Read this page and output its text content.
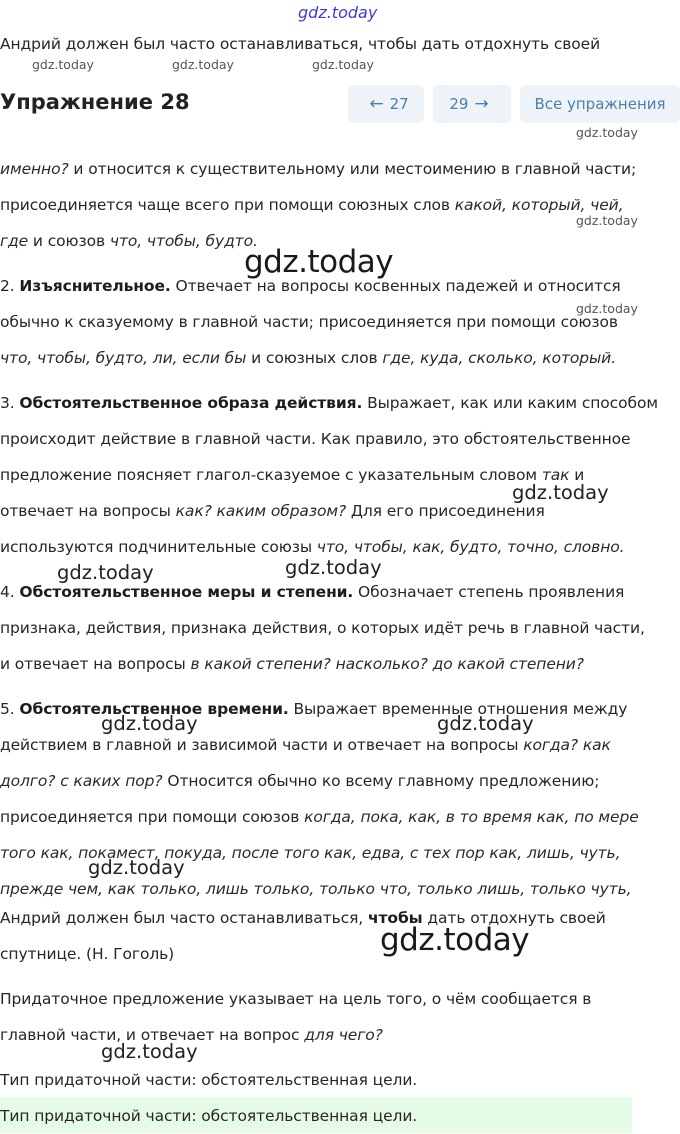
gdz.today
Андрий должен был часто останавливаться, чтобы дать отдохнуть своей
gdz.today	gdz.today	gdz.today
Упражнение 28	← 27	29 →	Все упражнения
gdz.today
именно? и относится к существительному или местоимению в главной части;
присоединяется чаще всего при помощи союзных слов какой, который, чей,
gdz.today
где и союзов что, чтобы, будто.
gdz.today
2. Изъяснительное. Отвечает на вопросы косвенных падежей и относится
gdz.today
обычно к сказуемому в главной части; присоединяется при помощи союзов
что, чтобы, будто, ли, если бы и союзных слов где, куда, сколько, который.
3. Обстоятельственное образа действия. Выражает, как или каким способом
происходит действие в главной части. Как правило, это обстоятельственное
предложение поясняет глагол-сказуемое с указательным словом так и
gdz.today
отвечает на вопросы как? каким образом? Для его присоединения
используются подчинительные союзы что, чтобы, как, будто, точно, словно.
gdz.today	gdz.today
4. Обстоятельственное меры и степени. Обозначает степень проявления
признака, действия, признака действия, о которых идёт речь в главной части,
и отвечает на вопросы в какой степени? насколько? до какой степени?
5. Обстоятельственное времени. Выражает временные отношения между
gdz.today	gdz.today
действием в главной и зависимой части и отвечает на вопросы когда? как
долго? с каких пор? Относится обычно ко всему главному предложению;
присоединяется при помощи союзов когда, пока, как, в то время как, по мере
того как, покамест, покуда, после того как, едва, с тех пор как, лишь, чуть,
gdz.today
прежде чем, как только, лишь только, только что, только лишь, только чуть,
Андрий должен был часто останавливаться, чтобы дать отдохнуть своей
gdz.today
спутнице. (Н. Гоголь)
Придаточное предложение указывает на цель того, о чём сообщается в
главной части, и отвечает на вопрос для чего?
gdz.today
Тип придаточной части: обстоятельственная цели.
Тип придаточной части: обстоятельственная цели.
